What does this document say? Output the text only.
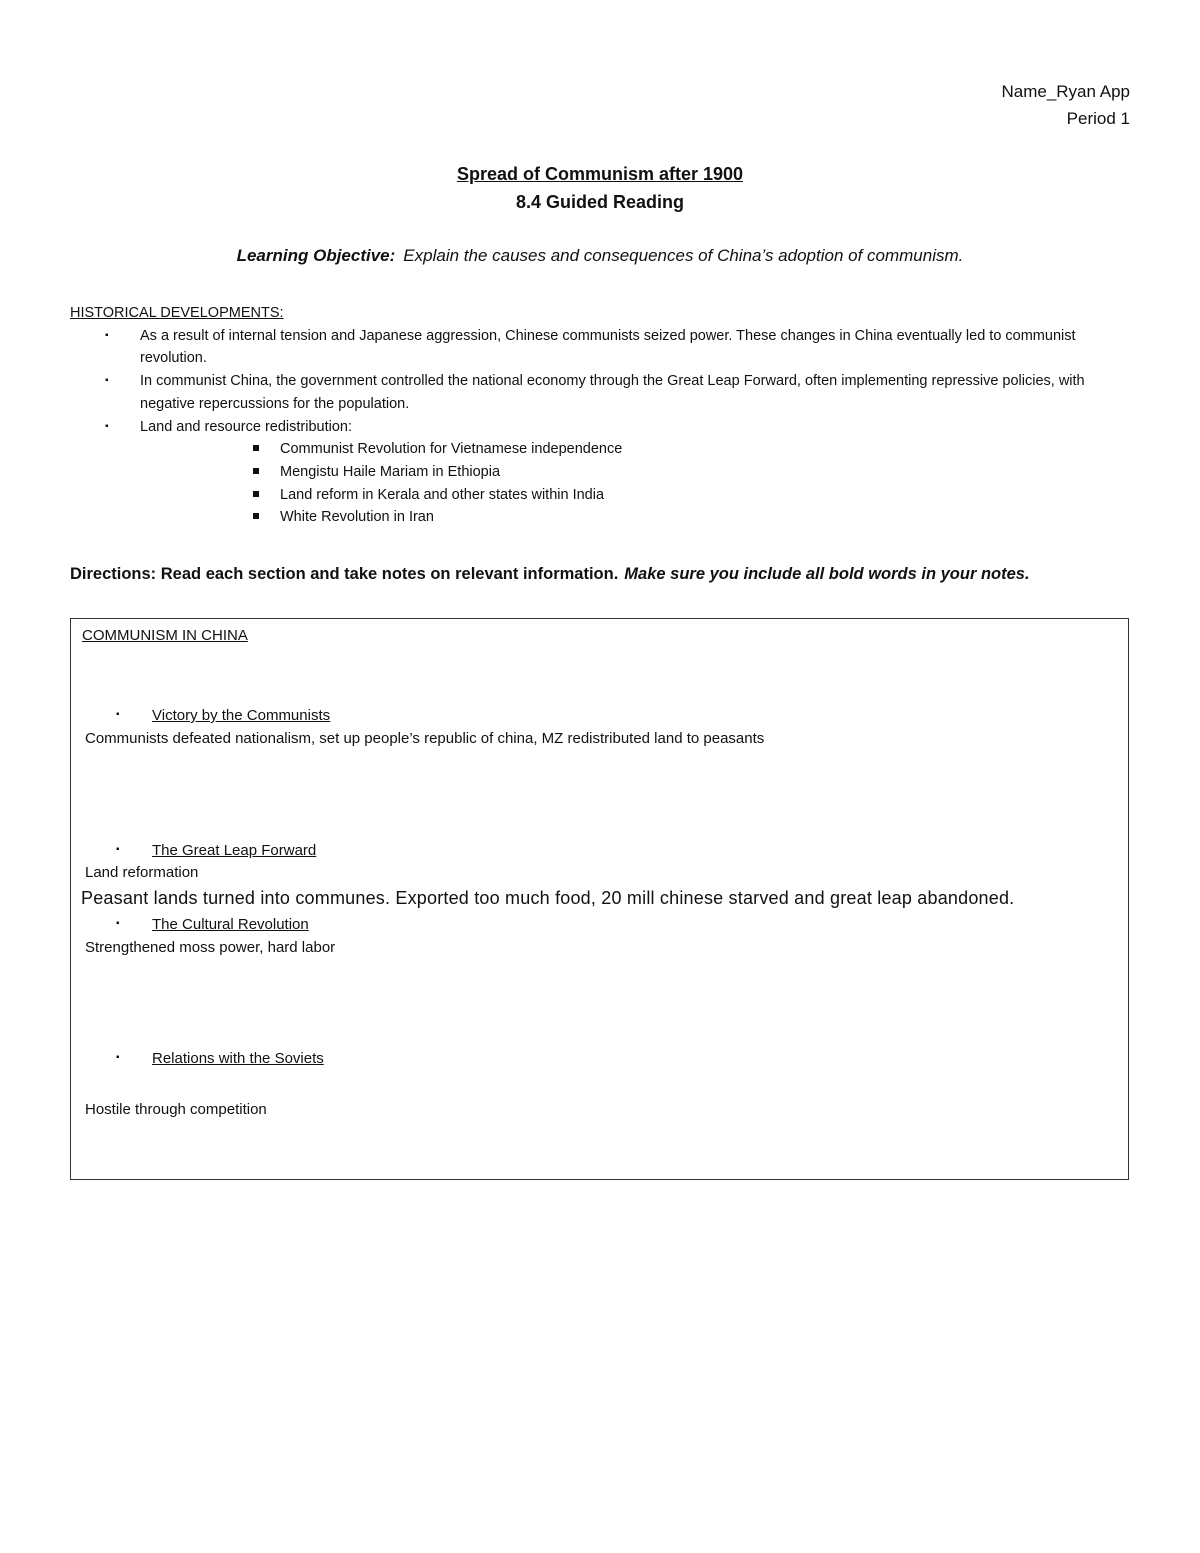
Name_Ryan App
Period 1
Spread of Communism after 1900
8.4 Guided Reading
Learning Objective: Explain the causes and consequences of China’s adoption of communism.
HISTORICAL DEVELOPMENTS:
▪ As a result of internal tension and Japanese aggression, Chinese communists seized power. These changes in China eventually led to communist revolution.
▪ In communist China, the government controlled the national economy through the Great Leap Forward, often implementing repressive policies, with negative repercussions for the population.
▪ Land and resource redistribution:
Communist Revolution for Vietnamese independence
Mengistu Haile Mariam in Ethiopia
Land reform in Kerala and other states within India
White Revolution in Iran
Directions: Read each section and take notes on relevant information. Make sure you include all bold words in your notes.
COMMUNISM IN CHINA
▪ Victory by the Communists
Communists defeated nationalism, set up people’s republic of china, MZ redistributed land to peasants
▪ The Great Leap Forward
Land reformation
Peasant lands turned into communes. Exported too much food, 20 mill chinese starved and great leap abandoned.
▪ The Cultural Revolution
Strengthened moss power, hard labor
▪ Relations with the Soviets
Hostile through competition
